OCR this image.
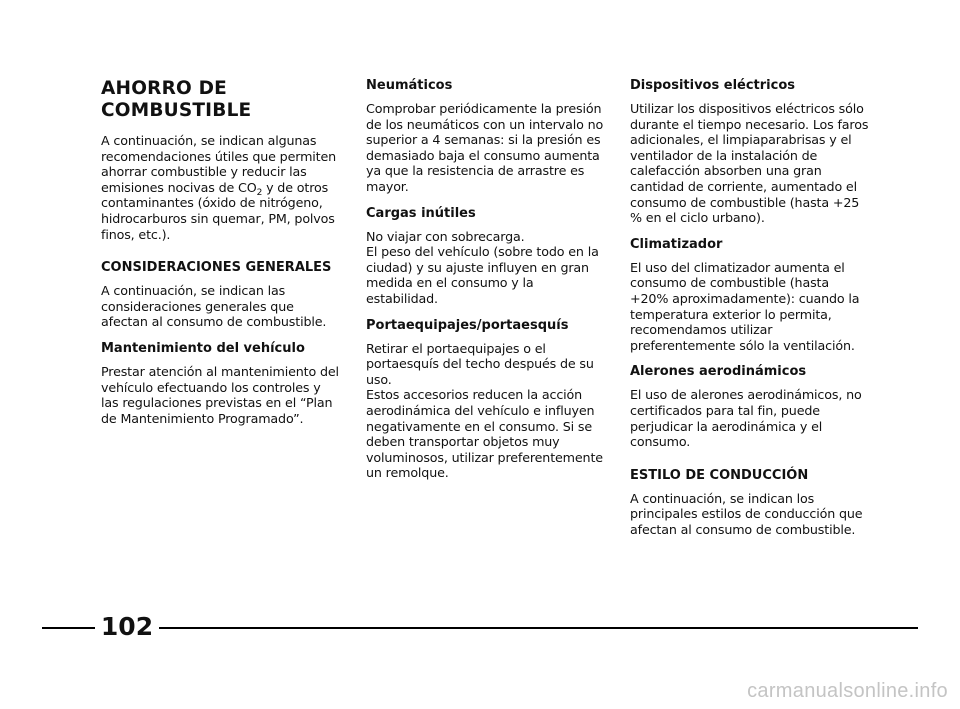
AHORRO DE COMBUSTIBLE

A continuación, se indican algunas recomendaciones útiles que permiten ahorrar combustible y reducir las emisiones nocivas de $CO_2$ y de otros contaminantes (óxido de nitrógeno, hidrocarburos sin quemar, PM, polvos finos, etc.).

CONSIDERACIONES GENERALES

A continuación, se indican las consideraciones generales que afectan al consumo de combustible.

Mantenimiento del vehículo

Prestar atención al mantenimiento del vehículo efectuando los controles y las regulaciones previstas en el “Plan de Mantenimiento Programado”.

Neumáticos

Comprobar periódicamente la presión de los neumáticos con un intervalo no superior a 4 semanas: si la presión es demasiado baja el consumo aumenta ya que la resistencia de arrastre es mayor.

Cargas inútiles

No viajar con sobrecarga.
El peso del vehículo (sobre todo en la ciudad) y su ajuste influyen en gran medida en el consumo y la estabilidad.

Portaequipajes/portaesquís

Retirar el portaequipajes o el portaesquís del techo después de su uso.
Estos accesorios reducen la acción aerodinámica del vehículo e influyen negativamente en el consumo. Si se deben transportar objetos muy voluminosos, utilizar preferentemente un remolque.

Dispositivos eléctricos

Utilizar los dispositivos eléctricos sólo durante el tiempo necesario. Los faros adicionales, el limpiaparabrisas y el ventilador de la instalación de calefacción absorben una gran cantidad de corriente, aumentado el consumo de combustible (hasta +25 % en el ciclo urbano).

Climatizador

El uso del climatizador aumenta el consumo de combustible (hasta +20% aproximadamente): cuando la temperatura exterior lo permita, recomendamos utilizar preferentemente sólo la ventilación.

Alerones aerodinámicos

El uso de alerones aerodinámicos, no certificados para tal fin, puede perjudicar la aerodinámica y el consumo.

ESTILO DE CONDUCCIÓN

A continuación, se indican los principales estilos de conducción que afectan al consumo de combustible.

102
carmanualsonline.info
